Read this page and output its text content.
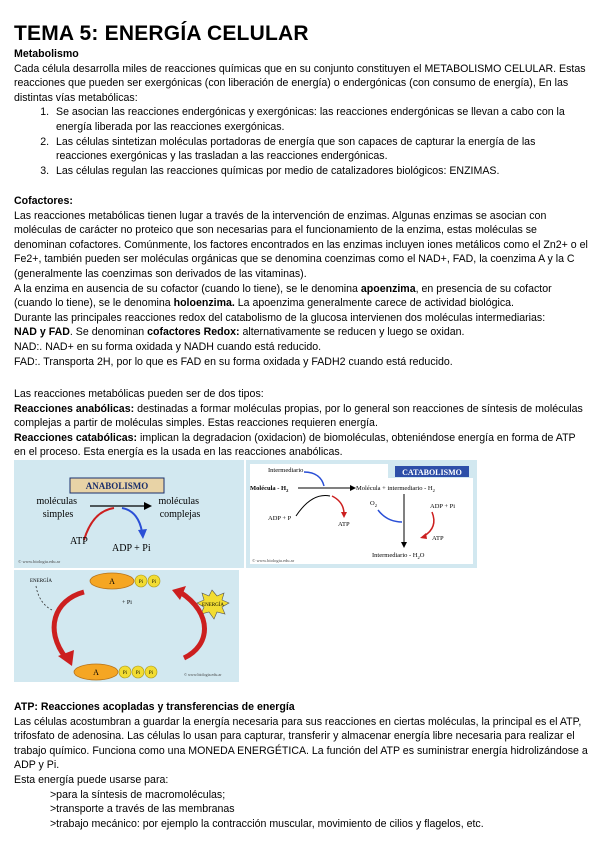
TEMA 5: ENERGÍA CELULAR

Metabolismo

Cada célula desarrolla miles de reacciones químicas que en su conjunto constituyen el METABOLISMO CELULAR. Estas reacciones que pueden ser exergónicas (con liberación de energía) o endergónicas (con consumo de energía), En las distintas vías metabólicas:

1. Se asocian las reacciones endergónicas y exergónicas: las reacciones endergónicas se llevan a cabo con la energía liberada por las reacciones exergónicas.
2. Las células sintetizan moléculas portadoras de energía que son capaces de capturar la energía de las reacciones exergónicas y las trasladan a las reacciones endergónicas.
3. Las células regulan las reacciones químicas por medio de catalizadores biológicos: ENZIMAS.

Cofactores:

Las reacciones metabólicas tienen lugar a través de la intervención de enzimas. Algunas enzimas se asocian con moléculas de carácter no proteico que son necesarias para el funcionamiento de la enzima, estas moléculas se denominan cofactores. Comúnmente, los factores encontrados en las enzimas incluyen iones metálicos como el Zn2+ o el Fe2+, también pueden ser moléculas orgánicas que se denomina coenzimas como el NAD+, FAD, la coenzima A y la C (generalmente las coenzimas son derivados de las vitaminas).

A la enzima en ausencia de su cofactor (cuando lo tiene), se le denomina apoenzima, en presencia de su cofactor (cuando lo tiene), se le denomina holoenzima. La apoenzima generalmente carece de actividad biológica.

Durante las principales reacciones redox del catabolismo de la glucosa intervienen dos moléculas intermediarias:

NAD y FAD. Se denominan cofactores Redox: alternativamente se reducen y luego se oxidan.

NAD:. NAD+ en su forma oxidada y NADH cuando está reducido.

FAD:. Transporta 2H, por lo que es FAD en su forma oxidada y FADH2 cuando está reducido.

Las reacciones metabólicas pueden ser de dos tipos:

Reacciones anabólicas: destinadas a formar moléculas propias, por lo general son reacciones de síntesis de moléculas complejas a partir de moléculas simples. Estas reacciones requieren energía.

Reacciones catabólicas: implican la degradacion (oxidacion) de biomoléculas, obteniéndose energía en forma de ATP en el proceso. Esta energía es la usada en las reacciones anabólicas.

ANABOLISMO
moléculas simples
moléculas complejas
ATP
ADP + Pi
© www.biologia.edu.ar
CATABOLISMO
Intermediario
Molécula - $H_2$	Molécula + intermediario - $H_2$
ADP + P
ATP
$O_2$	ADP + Pi
ATP
Intermediario - $H_2O$
© www.biologia.edu.ar
ENERGÍA	A	Pi Pi
+ Pi	ENERGÍA
A	Pi Pi Pi	© www.biologia.edu.ar

ATP: Reacciones acopladas y transferencias de energía

Las células acostumbran a guardar la energía necesaria para sus reacciones en ciertas moléculas, la principal es el ATP, trifosfato de adenosina. Las células lo usan para capturar, transferir y almacenar energía libre necesaria para realizar el trabajo químico. Funciona como una MONEDA ENERGÉTICA. La función del ATP es suministrar energía hidrolizándose a ADP y Pi.

Esta energía puede usarse para:

>para la síntesis de macromoléculas;

>transporte a través de las membranas

>trabajo mecánico: por ejemplo la contracción muscular, movimiento de cilios y flagelos, etc.
